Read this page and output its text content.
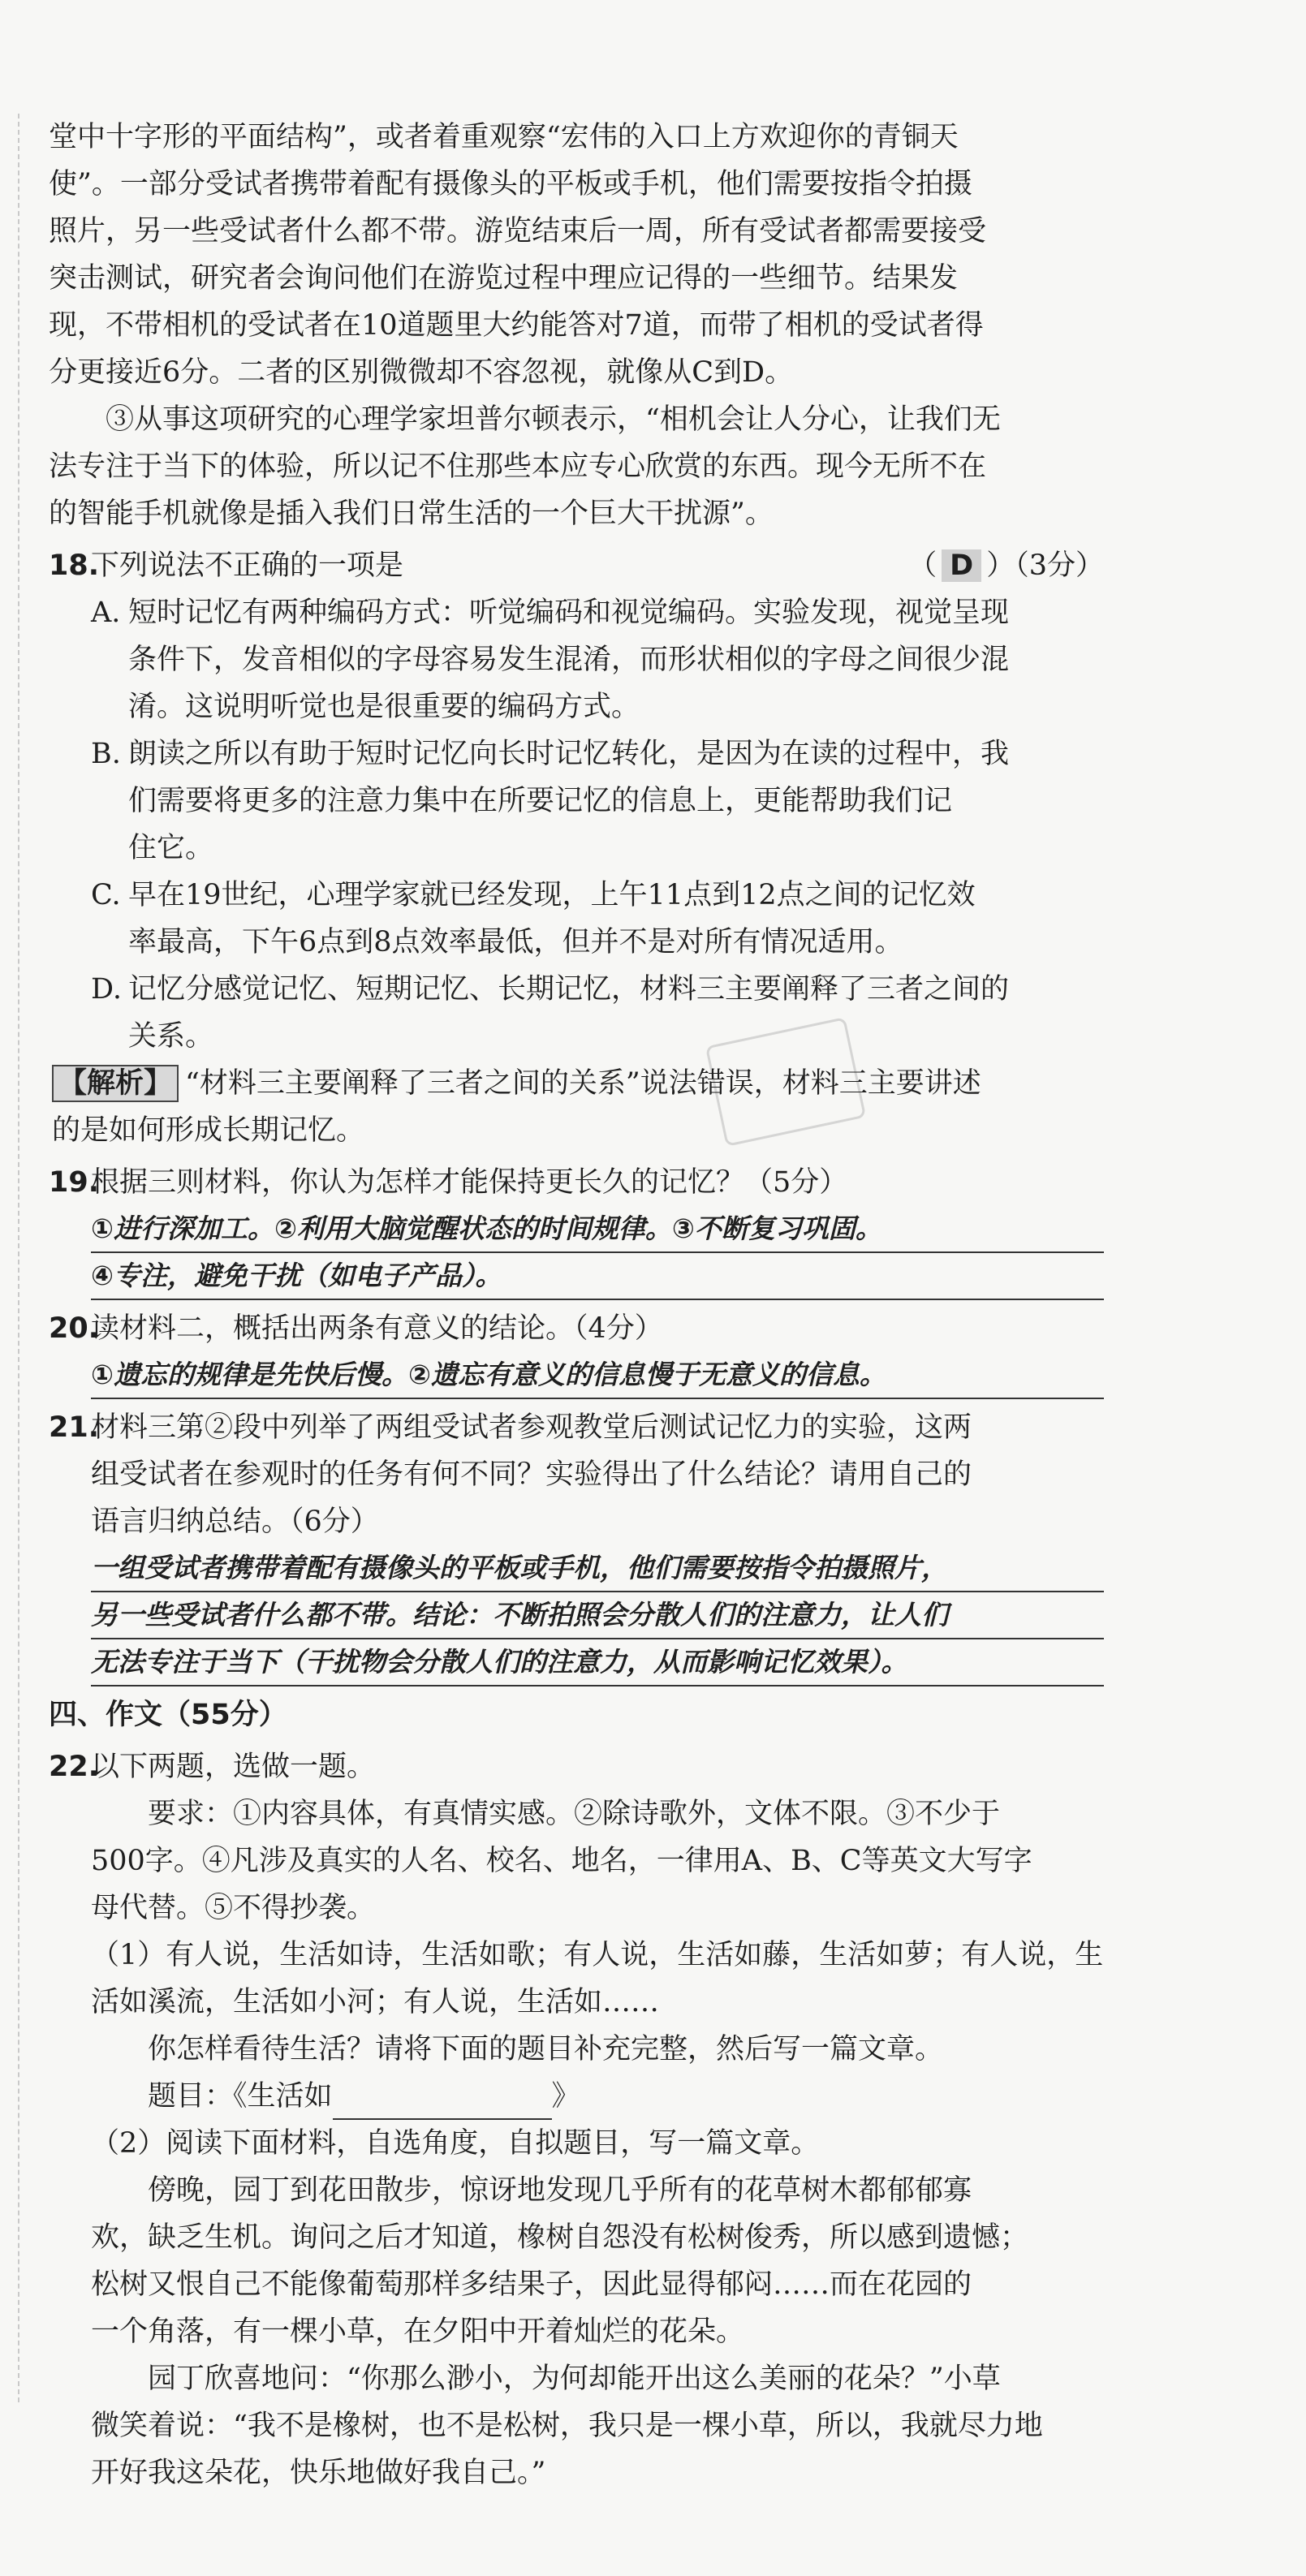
堂中十字形的平面结构”，或者着重观察“宏伟的入口上方欢迎你的青铜天

使”。一部分受试者携带着配有摄像头的平板或手机，他们需要按指令拍摄

照片，另一些受试者什么都不带。游览结束后一周，所有受试者都需要接受

突击测试，研究者会询问他们在游览过程中理应记得的一些细节。结果发

现，不带相机的受试者在10道题里大约能答对7道，而带了相机的受试者得

分更接近6分。二者的区别微微却不容忽视，就像从C到D。

③从事这项研究的心理学家坦普尔顿表示，“相机会让人分心，让我们无

法专注于当下的体验，所以记不住那些本应专心欣赏的东西。现今无所不在

的智能手机就像是插入我们日常生活的一个巨大干扰源”。

18.
下列说法不正确的一项是	（ D ）（3分）
A. 短时记忆有两种编码方式：听觉编码和视觉编码。实验发现，视觉呈现
条件下，发音相似的字母容易发生混淆，而形状相似的字母之间很少混
淆。这说明听觉也是很重要的编码方式。
B. 朗读之所以有助于短时记忆向长时记忆转化，是因为在读的过程中，我
们需要将更多的注意力集中在所要记忆的信息上，更能帮助我们记
住它。
C. 早在19世纪，心理学家就已经发现，上午11点到12点之间的记忆效
率最高，下午6点到8点效率最低，但并不是对所有情况适用。
D. 记忆分感觉记忆、短期记忆、长期记忆，材料三主要阐释了三者之间的
关系。
【解析】 “材料三主要阐释了三者之间的关系”说法错误，材料三主要讲述
的是如何形成长期记忆。
19.
根据三则材料，你认为怎样才能保持更长久的记忆？（5分）
①进行深加工。②利用大脑觉醒状态的时间规律。③不断复习巩固。
④专注，避免干扰（如电子产品）。
20.
读材料二，概括出两条有意义的结论。（4分）
①遗忘的规律是先快后慢。②遗忘有意义的信息慢于无意义的信息。
21.
材料三第②段中列举了两组受试者参观教堂后测试记忆力的实验，这两
组受试者在参观时的任务有何不同？实验得出了什么结论？请用自己的
语言归纳总结。（6分）
一组受试者携带着配有摄像头的平板或手机，他们需要按指令拍摄照片，
另一些受试者什么都不带。结论：不断拍照会分散人们的注意力，让人们
无法专注于当下（干扰物会分散人们的注意力，从而影响记忆效果）。
四、作文（55分）
22.
以下两题，选做一题。
要求：①内容具体，有真情实感。②除诗歌外，文体不限。③不少于
500字。④凡涉及真实的人名、校名、地名，一律用A、B、C等英文大写字
母代替。⑤不得抄袭。
（1）有人说，生活如诗，生活如歌；有人说，生活如藤，生活如萝；有人说，生
活如溪流，生活如小河；有人说，生活如……
你怎样看待生活？请将下面的题目补充完整，然后写一篇文章。
题目：《生活如	》
（2）阅读下面材料，自选角度，自拟题目，写一篇文章。
傍晚，园丁到花田散步，惊讶地发现几乎所有的花草树木都郁郁寡
欢，缺乏生机。询问之后才知道，橡树自怨没有松树俊秀，所以感到遗憾；
松树又恨自己不能像葡萄那样多结果子，因此显得郁闷……而在花园的
一个角落，有一棵小草，在夕阳中开着灿烂的花朵。
园丁欣喜地问：“你那么渺小，为何却能开出这么美丽的花朵？”小草
微笑着说：“我不是橡树，也不是松树，我只是一棵小草，所以，我就尽力地
开好我这朵花，快乐地做好我自己。”
